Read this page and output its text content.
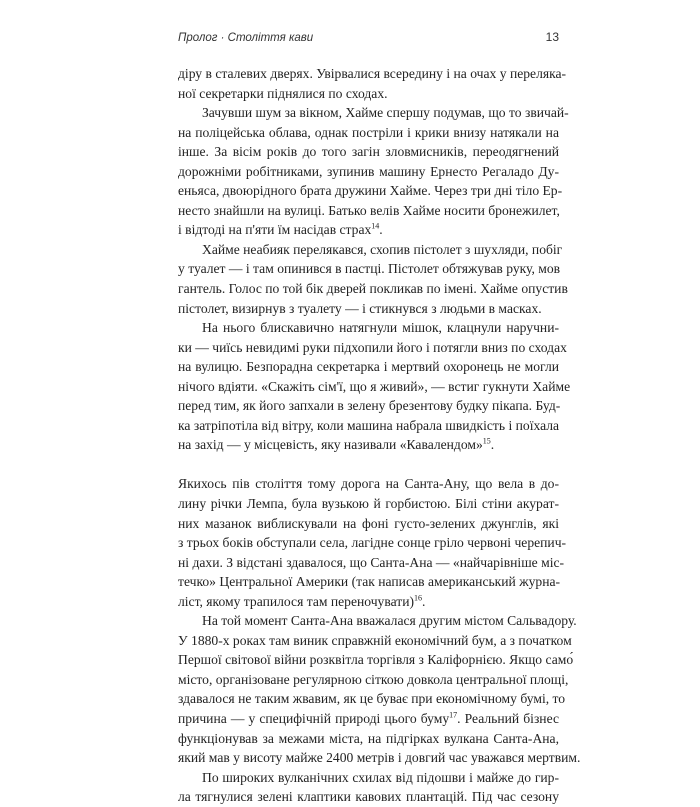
Пролог · Століття кави	13
діру в сталевих дверях. Увірвалися всередину і на очах у переляка-
ної секретарки піднялися по сходах.
Зачувши шум за вікном, Хайме спершу подумав, що то звичай-
на поліцейська облава, однак постріли і крики внизу натякали на
інше. За вісім років до того загін зловмисників, переодягнений
дорожніми робітниками, зупинив машину Ернесто Регаладо Ду-
еньяса, двоюрідного брата дружини Хайме. Через три дні тіло Ер-
несто знайшли на вулиці. Батько велів Хайме носити бронежилет,
і відтоді на п'яти їм насідав страх$^{14}$.
Хайме неабияк перелякався, схопив пістолет з шухляди, побіг
у туалет — і там опинився в пастці. Пістолет обтяжував руку, мов
гантель. Голос по той бік дверей покликав по імені. Хайме опустив
пістолет, визирнув з туалету — і стикнувся з людьми в масках.
На нього блискавично натягнули мішок, клацнули наручни-
ки — чиїсь невидимі руки підхопили його і потягли вниз по сходах
на вулицю. Безпорадна секретарка і мертвий охоронець не могли
нічого вдіяти. «Скажіть сім'ї, що я живий», — встиг гукнути Хайме
перед тим, як його запхали в зелену брезентову будку пікапа. Буд-
ка затріпотіла від вітру, коли машина набрала швидкість і поїхала
на захід — у місцевість, яку називали «Кавалендом»$^{15}$.
Якихось пів століття тому дорога на Санта-Ану, що вела в до-
лину річки Лемпа, була вузькою й горбистою. Білі стіни акурат-
них мазанок виблискували на фоні густо-зелених джунглів, які
з трьох боків обступали села, лагідне сонце гріло червоні черепич-
ні дахи. З відстані здавалося, що Санта-Ана — «найчарівніше міс-
течко» Центральної Америки (так написав американський журна-
ліст, якому трапилося там переночувати)$^{16}$.
На той момент Санта-Ана вважалася другим містом Сальвадору.
У 1880-х роках там виник справжній економічний бум, а з початком
Першої світової війни розквітла торгівля з Каліфорнією. Якщо само́
місто, організоване регулярною сіткою довкола центральної площі,
здавалося не таким жвавим, як це буває при економічному бумі, то
причина — у специфічній природі цього буму$^{17}$. Реальний бізнес
функціонував за межами міста, на підгірках вулкана Санта-Ана,
який мав у висоту майже 2400 метрів і довгий час уважався мертвим.
По широких вулканічних схилах від підошви і майже до гир-
ла тягнулися зелені клаптики кавових плантацій. Під час сезону
